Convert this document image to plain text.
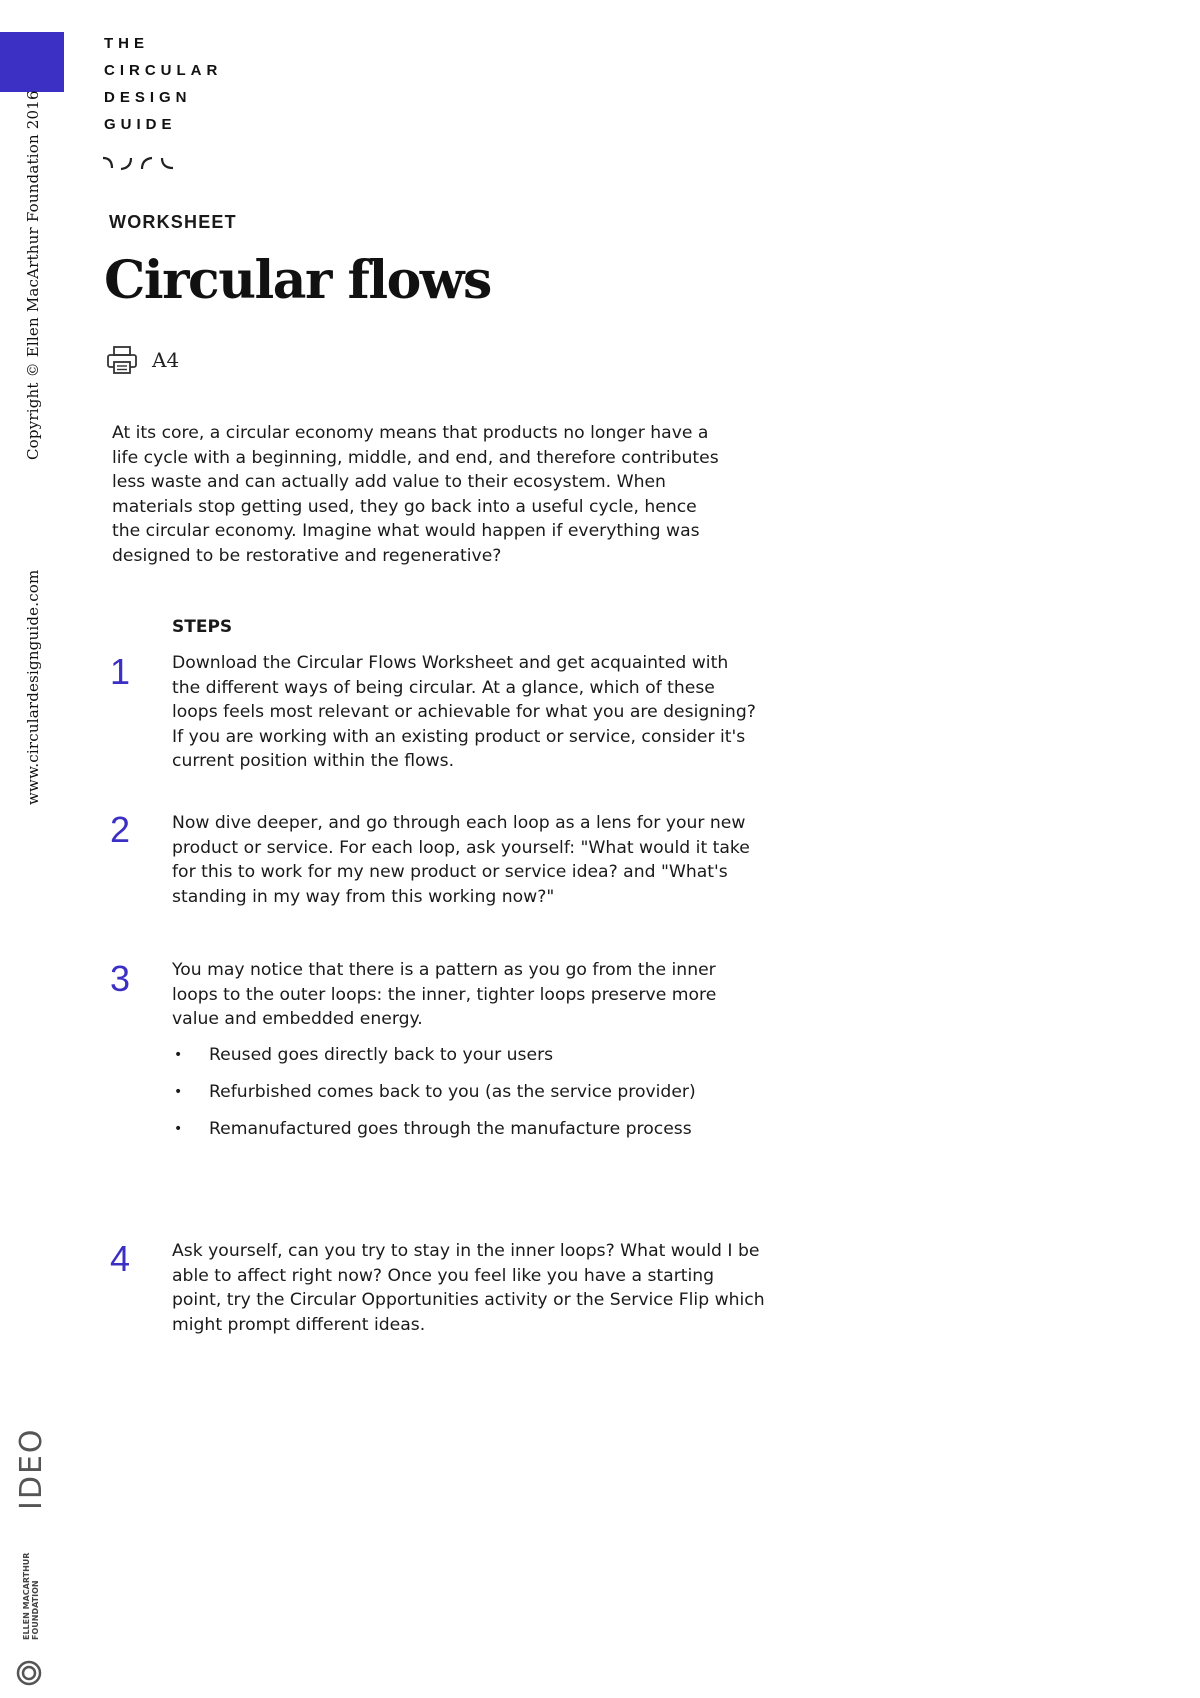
Copyright © Ellen MacArthur Foundation 2016
www.circulardesignguide.com
IDEO
ELLEN MACARTHUR FOUNDATION
THE
CIRCULAR
DESIGN
GUIDE
WORKSHEET
Circular flows
A4

At its core, a circular economy means that products no longer have a
life cycle with a beginning, middle, and end, and therefore contributes
less waste and can actually add value to their ecosystem. When
materials stop getting used, they go back into a useful cycle, hence
the circular economy. Imagine what would happen if everything was
designed to be restorative and regenerative?

STEPS
1 Download the Circular Flows Worksheet and get acquainted with
the different ways of being circular. At a glance, which of these
loops feels most relevant or achievable for what you are designing?
If you are working with an existing product or service, consider it's
current position within the flows.

2 Now dive deeper, and go through each loop as a lens for your new
product or service. For each loop, ask yourself: "What would it take
for this to work for my new product or service idea? and "What's
standing in my way from this working now?"

3 You may notice that there is a pattern as you go from the inner
loops to the outer loops: the inner, tighter loops preserve more
value and embedded energy.

• Reused goes directly back to your users
• Refurbished comes back to you (as the service provider)
• Remanufactured goes through the manufacture process
4 Ask yourself, can you try to stay in the inner loops? What would I be
able to affect right now? Once you feel like you have a starting
point, try the Circular Opportunities activity or the Service Flip which
might prompt different ideas.
